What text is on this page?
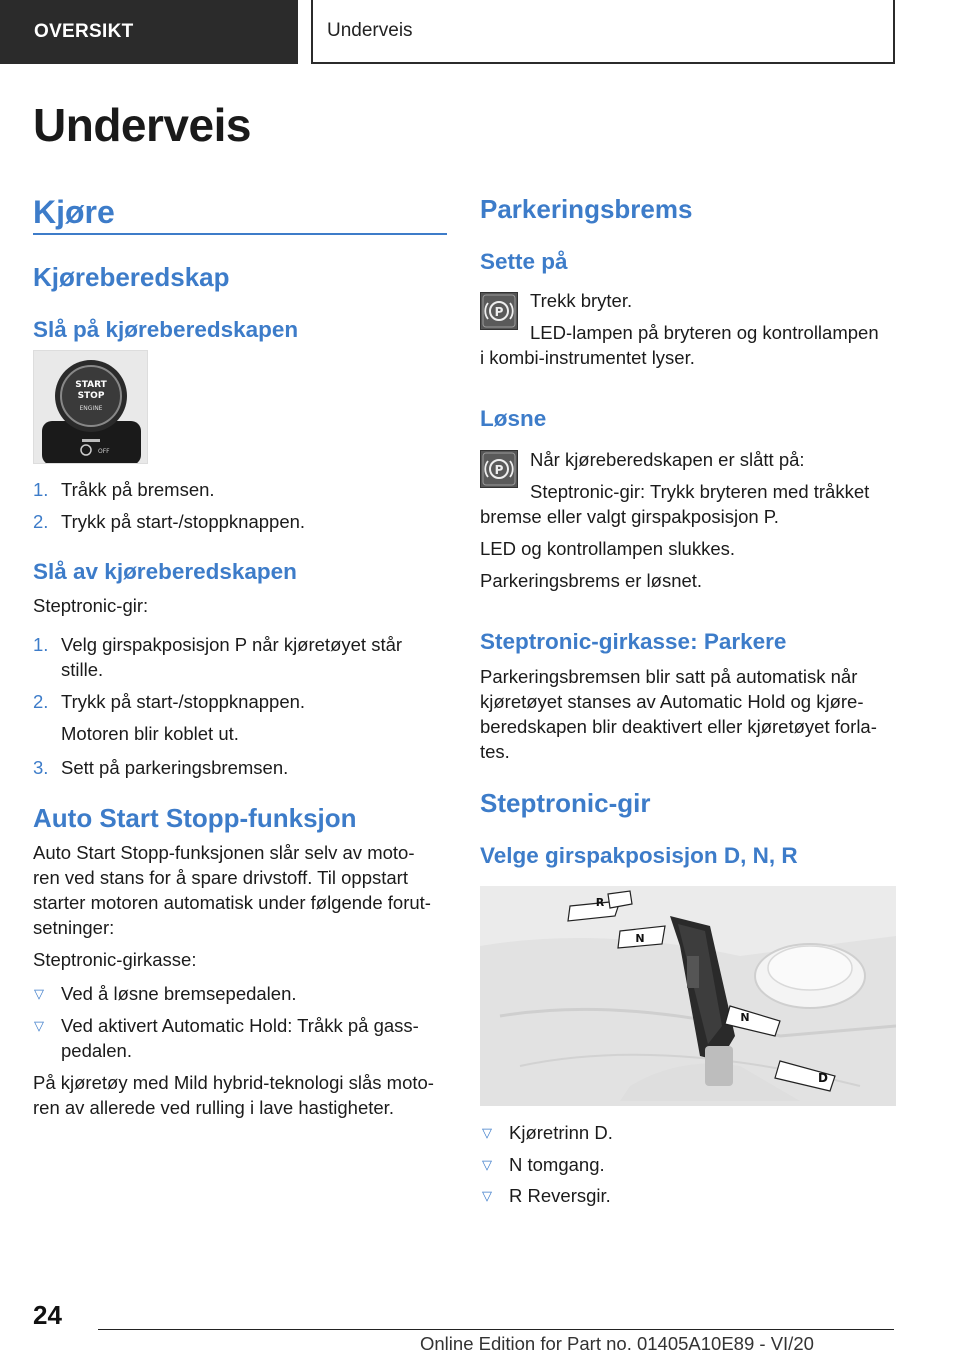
OVERSIKT	Underveis
Underveis
Kjøre
Kjøreberedskap
Slå på kjøreberedskapen
START
STOP
ENGINE
OFF
1. Tråkk på bremsen.
2. Trykk på start-/stoppknappen.
Slå av kjøreberedskapen
Steptronic-gir:
1. Velg girspakposisjon P når kjøretøyet står
stille.
2. Trykk på start-/stoppknappen.
Motoren blir koblet ut.
3. Sett på parkeringsbremsen.
Auto Start Stopp-funksjon
Auto Start Stopp-funksjonen slår selv av moto-
ren ved stans for å spare drivstoff. Til oppstart
starter motoren automatisk under følgende forut-
setninger:
Steptronic-girkasse:
▽ Ved å løsne bremsepedalen.
▽ Ved aktivert Automatic Hold: Tråkk på gass-
pedalen.
På kjøretøy med Mild hybrid-teknologi slås moto-
ren av allerede ved rulling i lave hastigheter.
Parkeringsbrems
Sette på
P
Trekk bryter.
LED-lampen på bryteren og kontrollampen
i kombi-instrumentet lyser.
Løsne
P Når kjøreberedskapen er slått på:
Steptronic-gir: Trykk bryteren med tråkket
bremse eller valgt girspakposisjon P.
LED og kontrollampen slukkes.
Parkeringsbrems er løsnet.
Steptronic-girkasse: Parkere
Parkeringsbremsen blir satt på automatisk når
kjøretøyet stanses av Automatic Hold og kjøre-
beredskapen blir deaktivert eller kjøretøyet forla-
tes.
Steptronic-gir
Velge girspakposisjon D, N, R
R
N
N
D
▽ Kjøretrinn D.
▽ N tomgang.
▽ R Reversgir.
24
Online Edition for Part no. 01405A10E89 - VI/20
